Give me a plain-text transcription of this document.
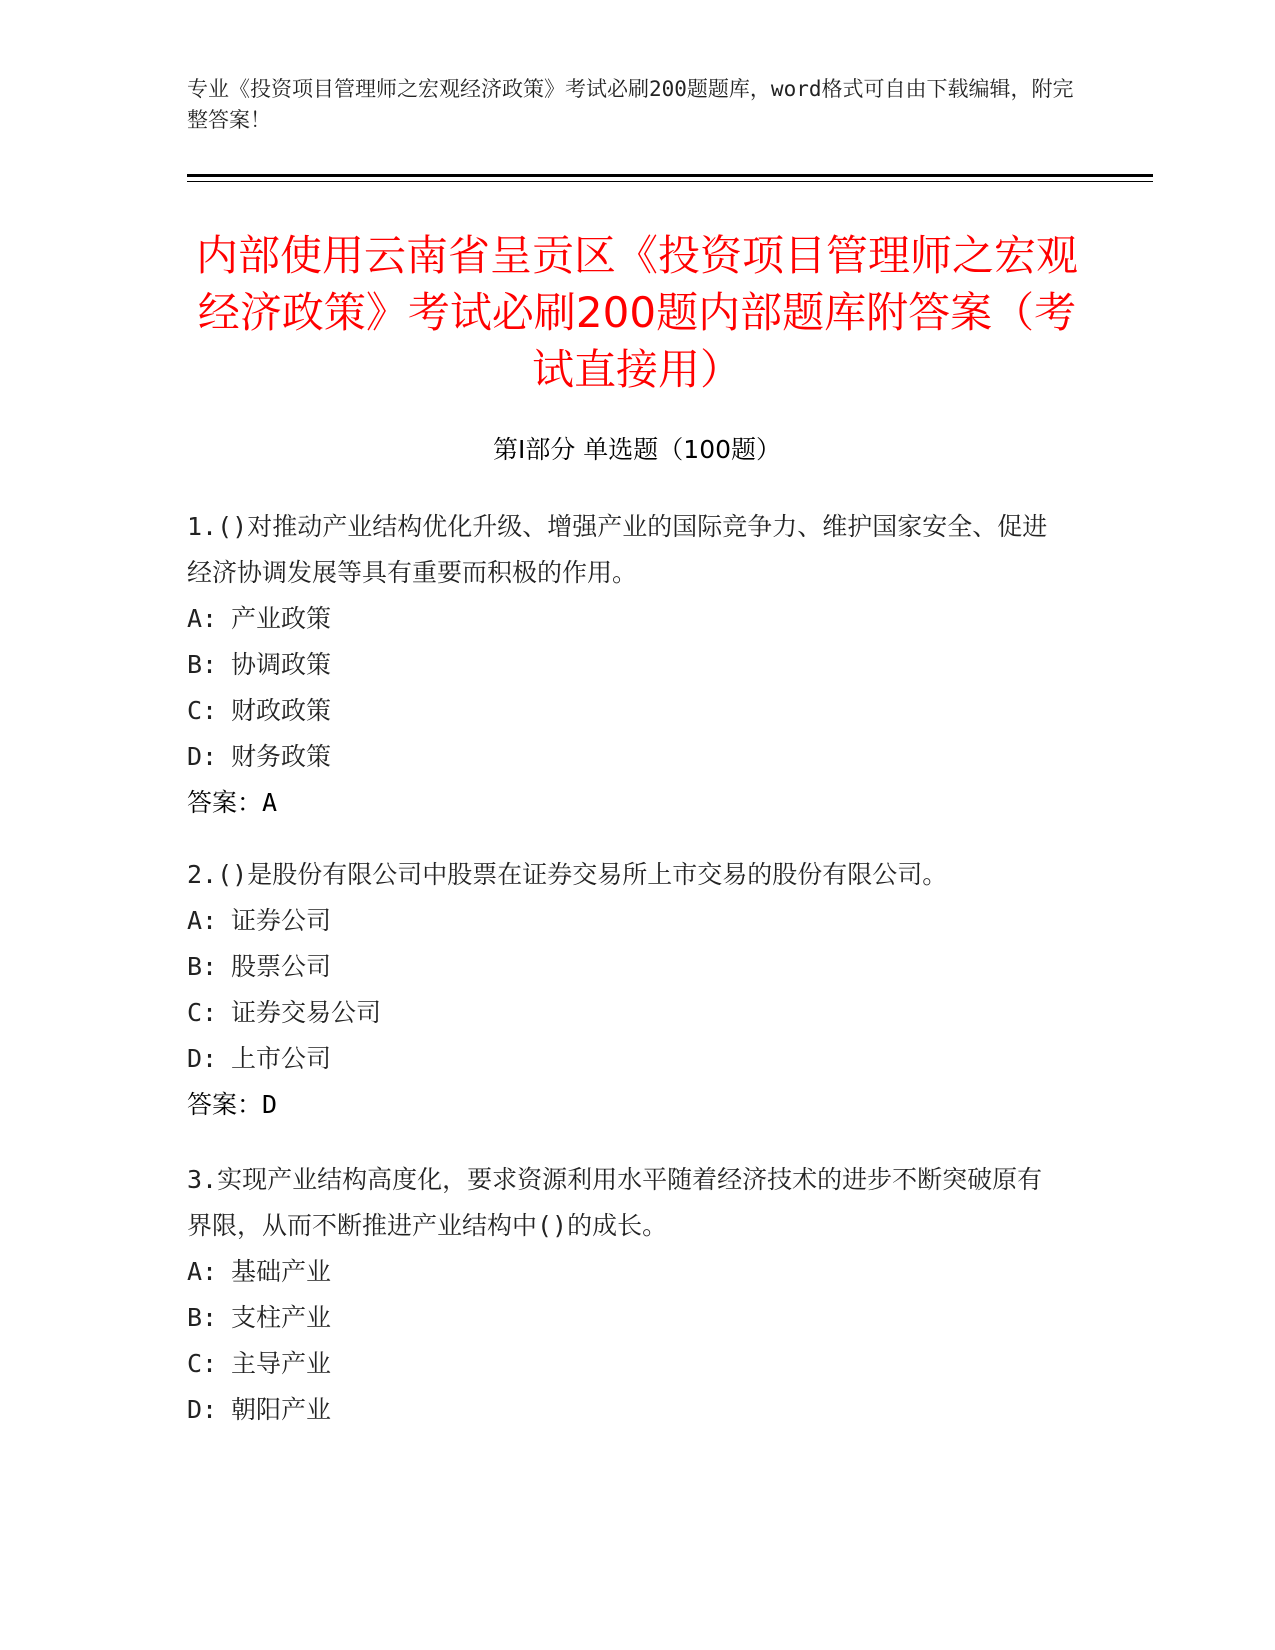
专业《投资项目管理师之宏观经济政策》考试必刷200题题库，word格式可自由下载编辑，附完整答案！
内部使用云南省呈贡区《投资项目管理师之宏观经济政策》考试必刷200题内部题库附答案（考试直接用）
第Ⅰ部分 单选题（100题）

1.()对推动产业结构优化升级、增强产业的国际竞争力、维护国家安全、促进经济协调发展等具有重要而积极的作用。

A: 产业政策
B: 协调政策
C: 财政政策
D: 财务政策

答案：A

2.()是股份有限公司中股票在证券交易所上市交易的股份有限公司。

A: 证券公司
B: 股票公司
C: 证券交易公司
D: 上市公司

答案：D

3.实现产业结构高度化，要求资源利用水平随着经济技术的进步不断突破原有界限，从而不断推进产业结构中()的成长。

A: 基础产业
B: 支柱产业
C: 主导产业
D: 朝阳产业
